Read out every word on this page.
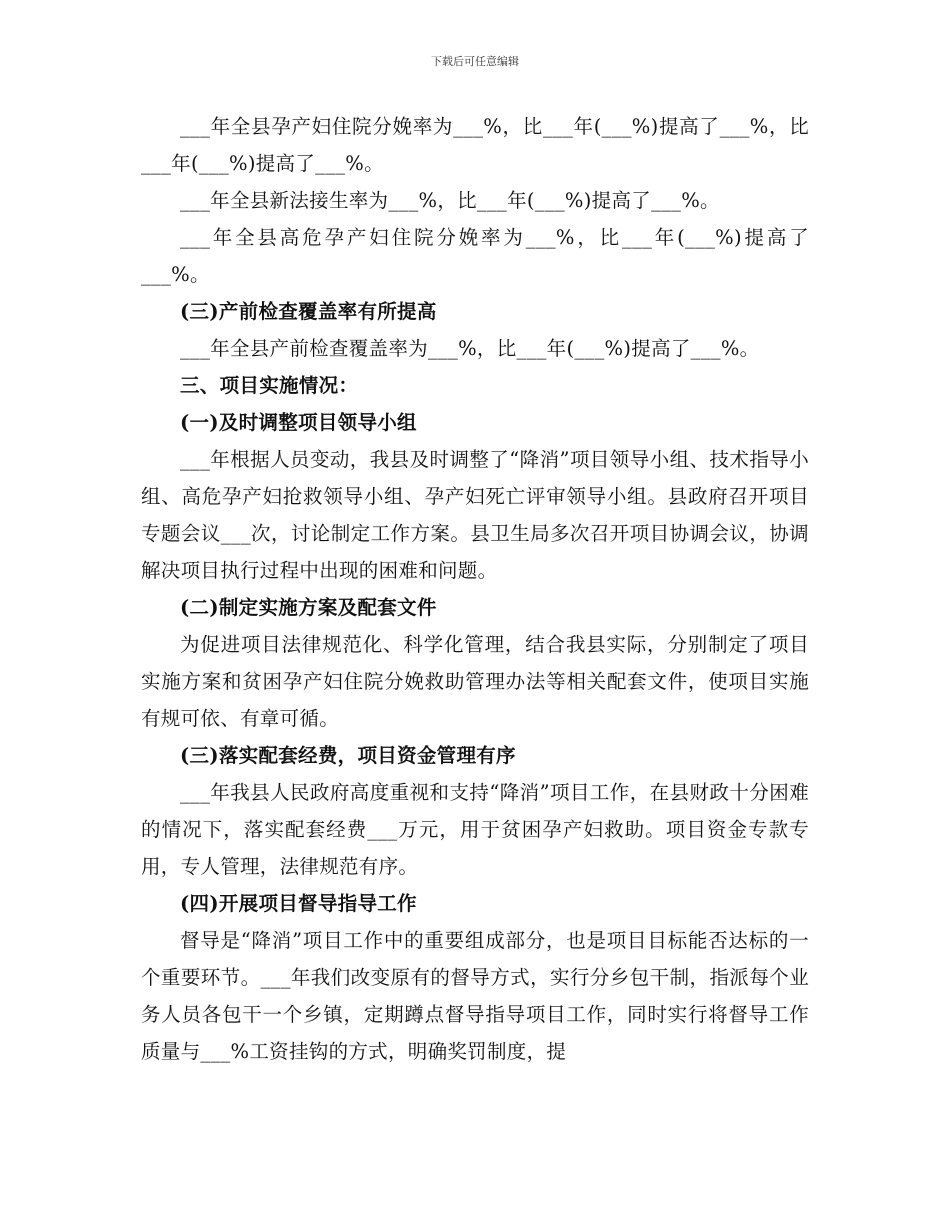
下载后可任意编辑

___年全县孕产妇住院分娩率为___%，比___年(___%)提高了___%，比___年(___%)提高了___%。

___年全县新法接生率为___%，比___年(___%)提高了___%。

___年全县高危孕产妇住院分娩率为___%，比___年(___%)提高了___%。

(三)产前检查覆盖率有所提高

___年全县产前检查覆盖率为___%，比___年(___%)提高了___%。

三、项目实施情况：

(一)及时调整项目领导小组

___年根据人员变动，我县及时调整了“降消”项目领导小组、技术指导小组、高危孕产妇抢救领导小组、孕产妇死亡评审领导小组。县政府召开项目专题会议___次，讨论制定工作方案。县卫生局多次召开项目协调会议，协调解决项目执行过程中出现的困难和问题。

(二)制定实施方案及配套文件

为促进项目法律规范化、科学化管理，结合我县实际，分别制定了项目实施方案和贫困孕产妇住院分娩救助管理办法等相关配套文件，使项目实施有规可依、有章可循。

(三)落实配套经费，项目资金管理有序

___年我县人民政府高度重视和支持“降消”项目工作，在县财政十分困难的情况下，落实配套经费___万元，用于贫困孕产妇救助。项目资金专款专用，专人管理，法律规范有序。

(四)开展项目督导指导工作

督导是“降消”项目工作中的重要组成部分，也是项目目标能否达标的一个重要环节。___年我们改变原有的督导方式，实行分乡包干制，指派每个业务人员各包干一个乡镇，定期蹲点督导指导项目工作，同时实行将督导工作质量与___%工资挂钩的方式，明确奖罚制度，提
